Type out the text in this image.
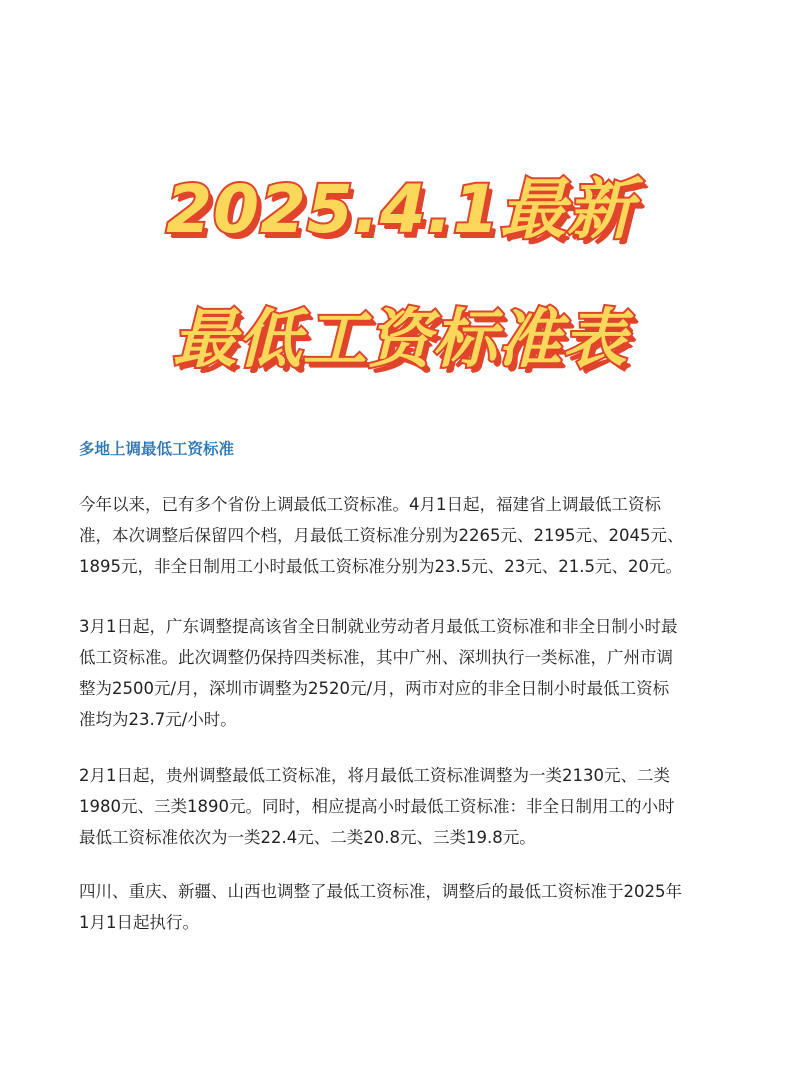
2025.4.1最新
最低工资标准表
多地上调最低工资标准
今年以来，已有多个省份上调最低工资标准。4月1日起，福建省上调最低工资标
准，本次调整后保留四个档，月最低工资标准分别为2265元、2195元、2045元、
1895元，非全日制用工小时最低工资标准分别为23.5元、23元、21.5元、20元。
3月1日起，广东调整提高该省全日制就业劳动者月最低工资标准和非全日制小时最
低工资标准。此次调整仍保持四类标准，其中广州、深圳执行一类标准，广州市调
整为2500元/月，深圳市调整为2520元/月，两市对应的非全日制小时最低工资标
准均为23.7元/小时。
2月1日起，贵州调整最低工资标准，将月最低工资标准调整为一类2130元、二类
1980元、三类1890元。同时，相应提高小时最低工资标准：非全日制用工的小时
最低工资标准依次为一类22.4元、二类20.8元、三类19.8元。
四川、重庆、新疆、山西也调整了最低工资标准，调整后的最低工资标准于2025年
1月1日起执行。
